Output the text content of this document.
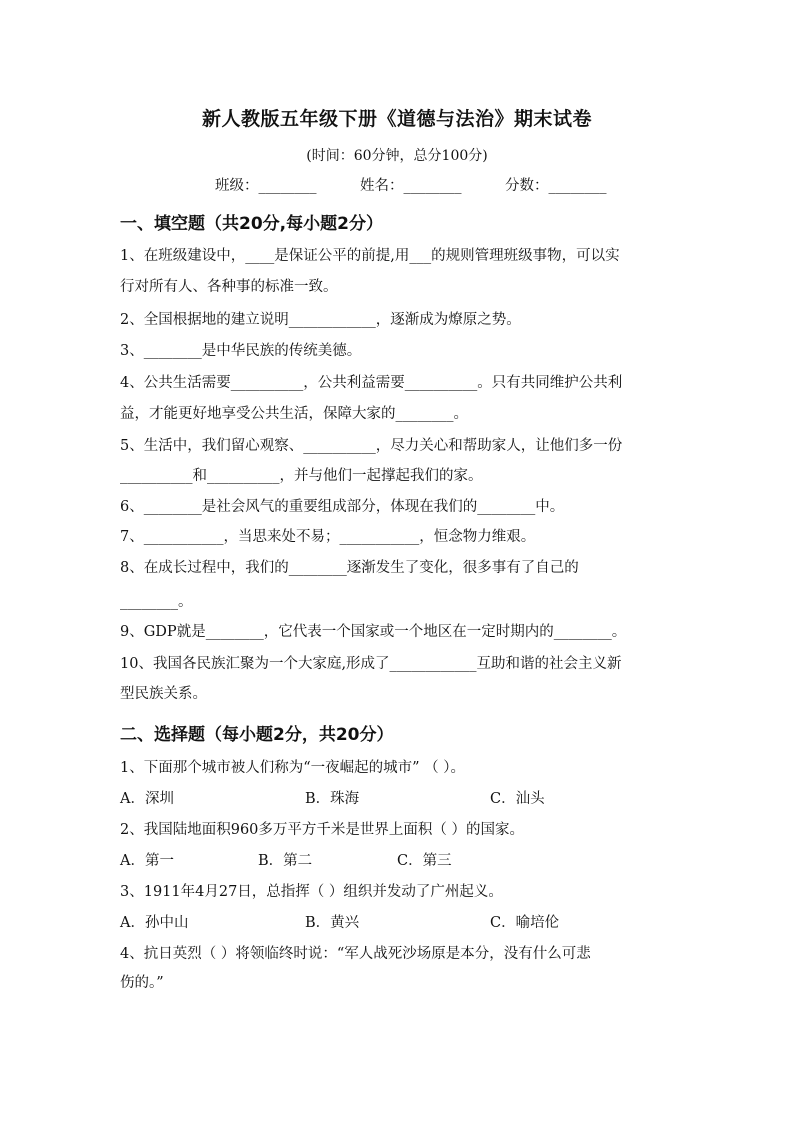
新人教版五年级下册《道德与法治》期末试卷
(时间：60分钟，总分100分)
班级：________	姓名：________	分数：________
一、填空题（共20分,每小题2分）
1、在班级建设中，____是保证公平的前提,用___的规则管理班级事物，可以实
行对所有人、各种事的标准一致。
2、全国根据地的建立说明____________，逐渐成为燎原之势。
3、________是中华民族的传统美德。
4、公共生活需要__________，公共利益需要__________。只有共同维护公共利
益，才能更好地享受公共生活，保障大家的________。
5、生活中，我们留心观察、__________，尽力关心和帮助家人，让他们多一份
__________和__________，并与他们一起撑起我们的家。
6、________是社会风气的重要组成部分，体现在我们的________中。
7、___________，当思来处不易；___________，恒念物力维艰。
8、在成长过程中，我们的________逐渐发生了变化，很多事有了自己的
________。
9、GDP就是________，它代表一个国家或一个地区在一定时期内的________。
10、我国各民族汇聚为一个大家庭,形成了____________互助和谐的社会主义新
型民族关系。
二、选择题（每小题2分，共20分）
1、下面那个城市被人们称为“一夜崛起的城市” （ ）。
A．深圳	B．珠海	C．汕头
2、我国陆地面积960多万平方千米是世界上面积（ ）的国家。
A．第一	B．第二	C．第三
3、1911年4月27日，总指挥（ ）组织并发动了广州起义。
A．孙中山	B．黄兴	C．喻培伦
4、抗日英烈（ ）将领临终时说：“军人战死沙场原是本分，没有什么可悲
伤的。”
